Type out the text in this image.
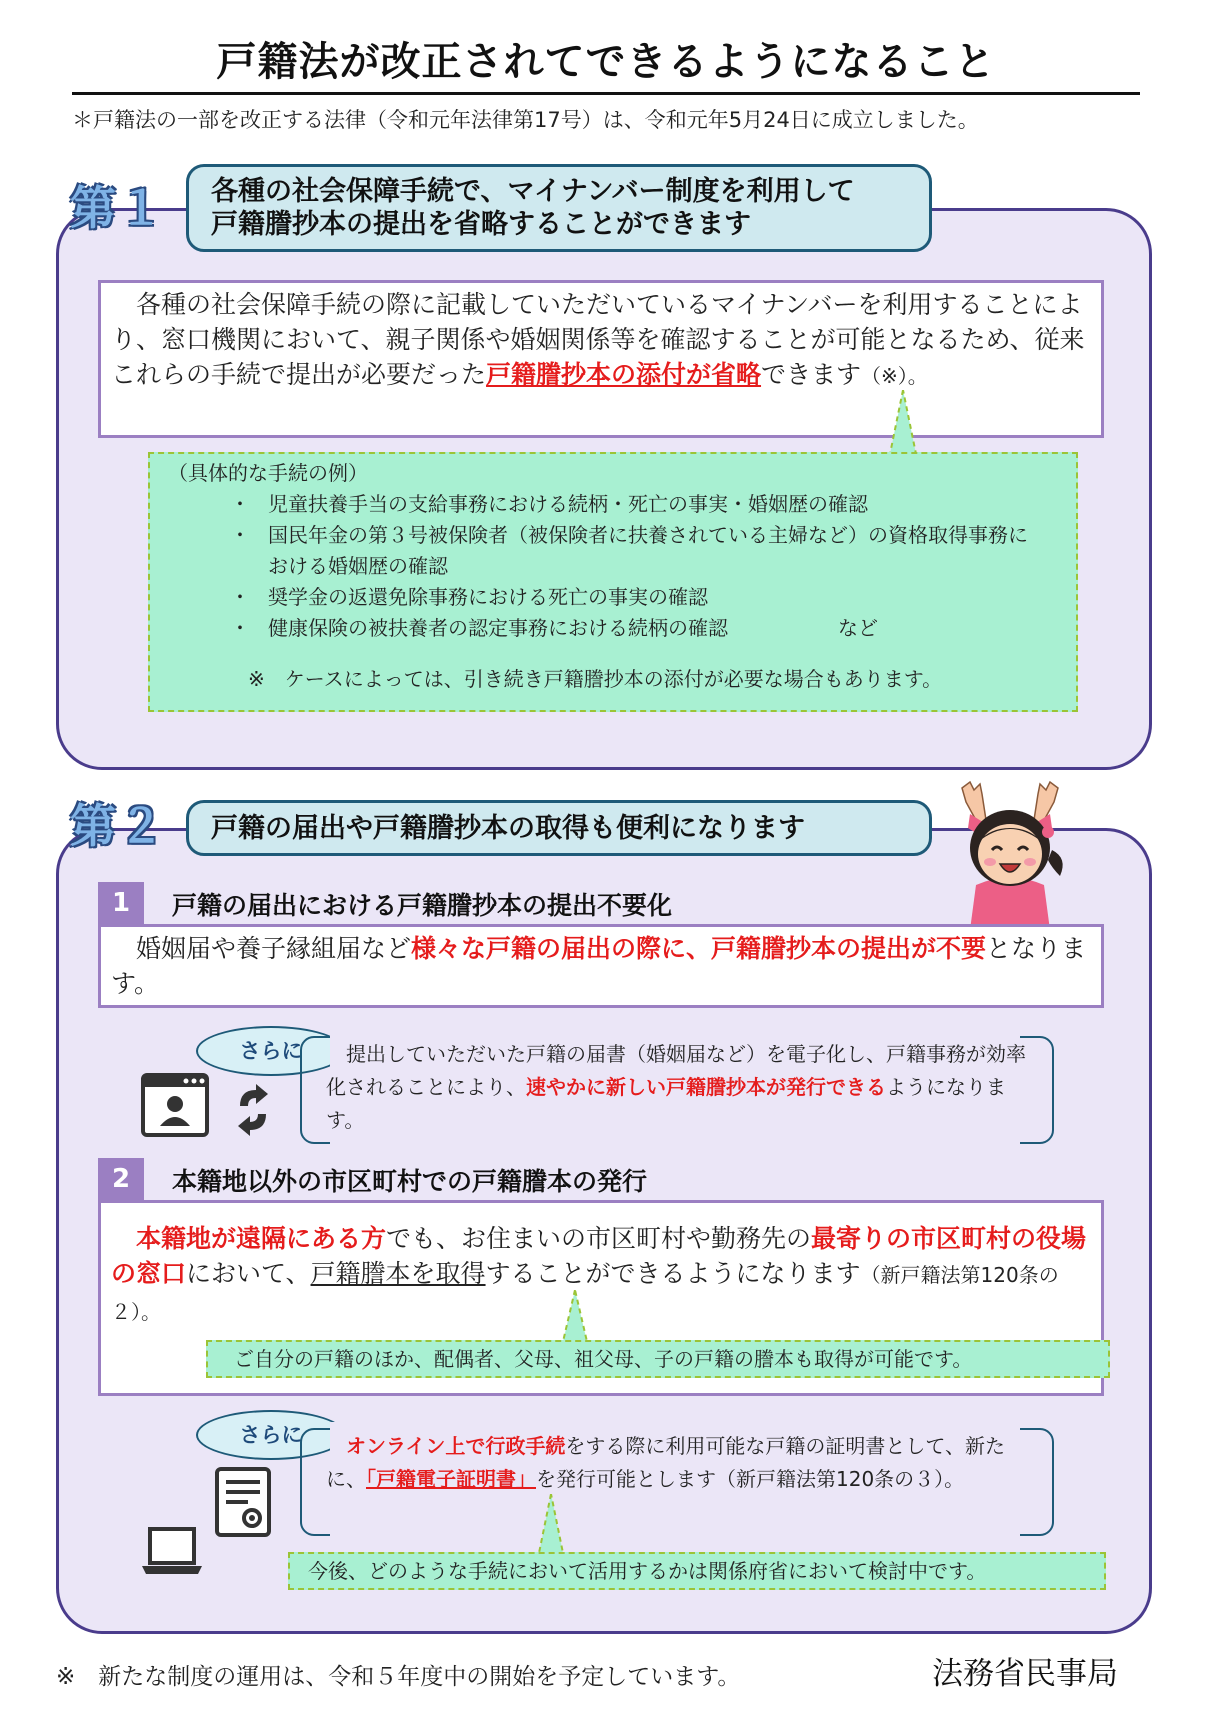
戸籍法が改正されてできるようになること
＊戸籍法の一部を改正する法律（令和元年法律第17号）は、令和元年5月24日に成立しました。
第１ 各種の社会保障手続で、マイナンバー制度を利用して
戸籍謄抄本の提出を省略することができます
　各種の社会保障手続の際に記載していただいているマイナンバーを利用することにより、窓口機関において、親子関係や婚姻関係等を確認することが可能となるため、従来これらの手続で提出が必要だった戸籍謄抄本の添付が省略できます（※）。
（具体的な手続の例）
・ 児童扶養手当の支給事務における続柄・死亡の事実・婚姻歴の確認
・ 国民年金の第３号被保険者（被保険者に扶養されている主婦など）の資格取得事務における婚姻歴の確認
・ 奨学金の返還免除事務における死亡の事実の確認
・ 健康保険の被扶養者の認定事務における続柄の確認	など
※　ケースによっては、引き続き戸籍謄抄本の添付が必要な場合もあります。
第２	戸籍の届出や戸籍謄抄本の取得も便利になります
1	戸籍の届出における戸籍謄抄本の提出不要化
　婚姻届や養子縁組届など様々な戸籍の届出の際に、戸籍謄抄本の提出が不要となります。
さらに	提出していただいた戸籍の届書（婚姻届など）を電子化し、戸籍事務が効率化されることにより、速やかに新しい戸籍謄抄本が発行できるようになります。
2	本籍地以外の市区町村での戸籍謄本の発行
本籍地が遠隔にある方でも、お住まいの市区町村や勤務先の最寄りの市区町村の役場の窓口において、戸籍謄本を取得することができるようになります（新戸籍法第120条の２）。
ご自分の戸籍のほか、配偶者、父母、祖父母、子の戸籍の謄本も取得が可能です。
さらに	オンライン上で行政手続をする際に利用可能な戸籍の証明書として、新たに、「戸籍電子証明書」を発行可能とします（新戸籍法第120条の３）。
今後、どのような手続において活用するかは関係府省において検討中です。
※　新たな制度の運用は、令和５年度中の開始を予定しています。	法務省民事局
